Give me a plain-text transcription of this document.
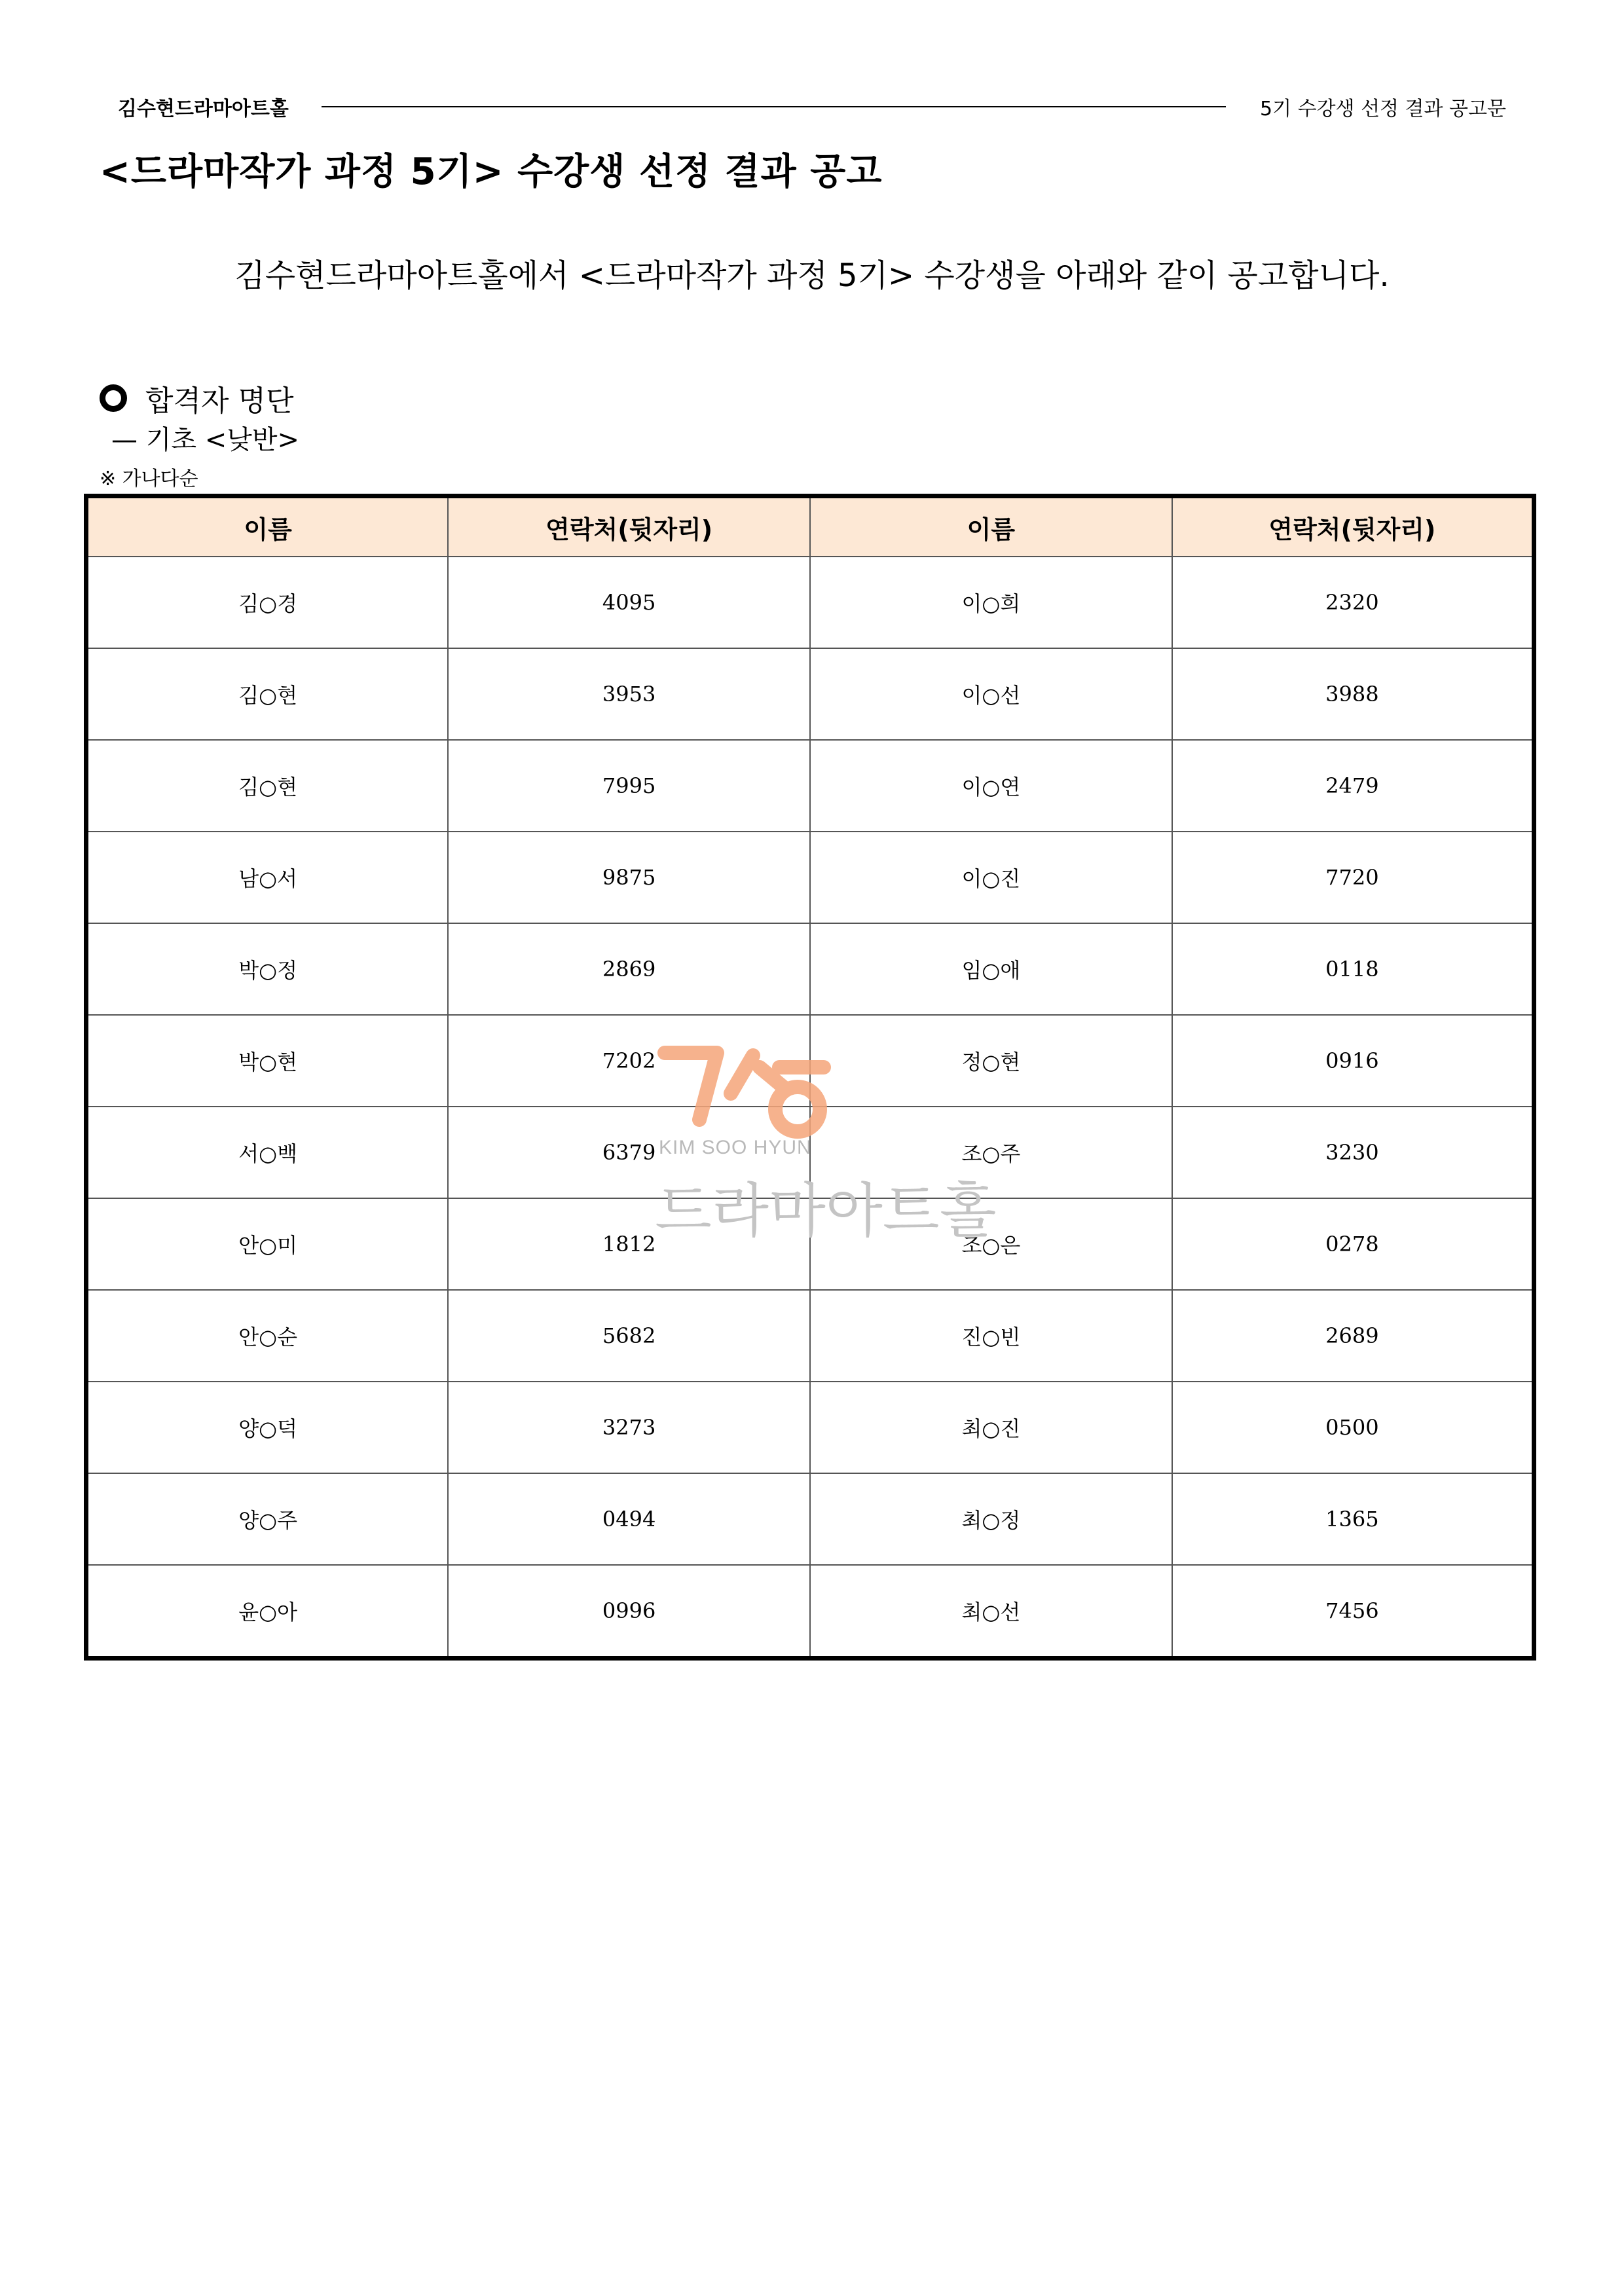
김수현드라마아트홀	5기 수강생 선정 결과 공고문
<드라마작가 과정 5기> 수강생 선정 결과 공고
김수현드라마아트홀에서 <드라마작가 과정 5기> 수강생을 아래와 같이 공고합니다.
합격자 명단
— 기초 <낮반>
※ 가나다순
이름	연락처(뒷자리)	이름	연락처(뒷자리)
김○경	4095	이○희	2320
김○현	3953	이○선	3988
김○현	7995	이○연	2479
남○서	9875	이○진	7720
박○정	2869	임○애	0118
박○현	7202	정○현	0916
서○백	6379	조○주	3230
안○미	1812	조○은	0278
안○순	5682	진○빈	2689
양○덕	3273	최○진	0500
양○주	0494	최○정	1365
윤○아	0996	최○선	7456
KIM SOO HYUN
드라마아트홀
